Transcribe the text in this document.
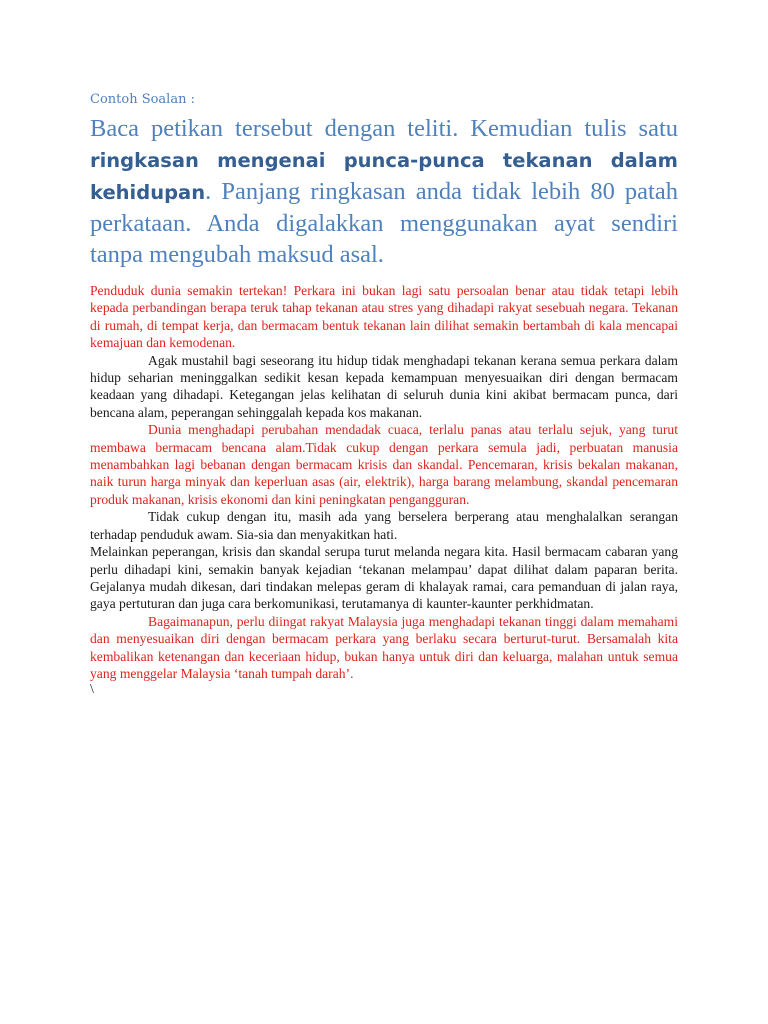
Contoh Soalan :

Baca petikan tersebut dengan teliti. Kemudian tulis satu ringkasan mengenai punca-punca tekanan dalam kehidupan. Panjang ringkasan anda tidak lebih 80 patah perkataan. Anda digalakkan menggunakan ayat sendiri tanpa mengubah maksud asal.

Penduduk dunia semakin tertekan! Perkara ini bukan lagi satu persoalan benar atau tidak tetapi lebih kepada perbandingan berapa teruk tahap tekanan atau stres yang dihadapi rakyat sesebuah negara. Tekanan di rumah, di tempat kerja, dan bermacam bentuk tekanan lain dilihat semakin bertambah di kala mencapai kemajuan dan kemodenan.

Agak mustahil bagi seseorang itu hidup tidak menghadapi tekanan kerana semua perkara dalam hidup seharian meninggalkan sedikit kesan kepada kemampuan menyesuaikan diri dengan bermacam keadaan yang dihadapi. Ketegangan jelas kelihatan di seluruh dunia kini akibat bermacam punca, dari bencana alam, peperangan sehinggalah kepada kos makanan.

Dunia menghadapi perubahan mendadak cuaca, terlalu panas atau terlalu sejuk, yang turut membawa bermacam bencana alam.Tidak cukup dengan perkara semula jadi, perbuatan manusia menambahkan lagi bebanan dengan bermacam krisis dan skandal. Pencemaran, krisis bekalan makanan, naik turun harga minyak dan keperluan asas (air, elektrik), harga barang melambung, skandal pencemaran produk makanan, krisis ekonomi dan kini peningkatan pengangguran.

Tidak cukup dengan itu, masih ada yang berselera berperang atau menghalalkan serangan terhadap penduduk awam. Sia-sia dan menyakitkan hati.

Melainkan peperangan, krisis dan skandal serupa turut melanda negara kita. Hasil bermacam cabaran yang perlu dihadapi kini, semakin banyak kejadian ‘tekanan melampau’ dapat dilihat dalam paparan berita. Gejalanya mudah dikesan, dari tindakan melepas geram di khalayak ramai, cara pemanduan di jalan raya, gaya pertuturan dan juga cara berkomunikasi, terutamanya di kaunter-kaunter perkhidmatan.

Bagaimanapun, perlu diingat rakyat Malaysia juga menghadapi tekanan tinggi dalam memahami dan menyesuaikan diri dengan bermacam perkara yang berlaku secara berturut-turut. Bersamalah kita kembalikan ketenangan dan keceriaan hidup, bukan hanya untuk diri dan keluarga, malahan untuk semua yang menggelar Malaysia ‘tanah tumpah darah’.

\
